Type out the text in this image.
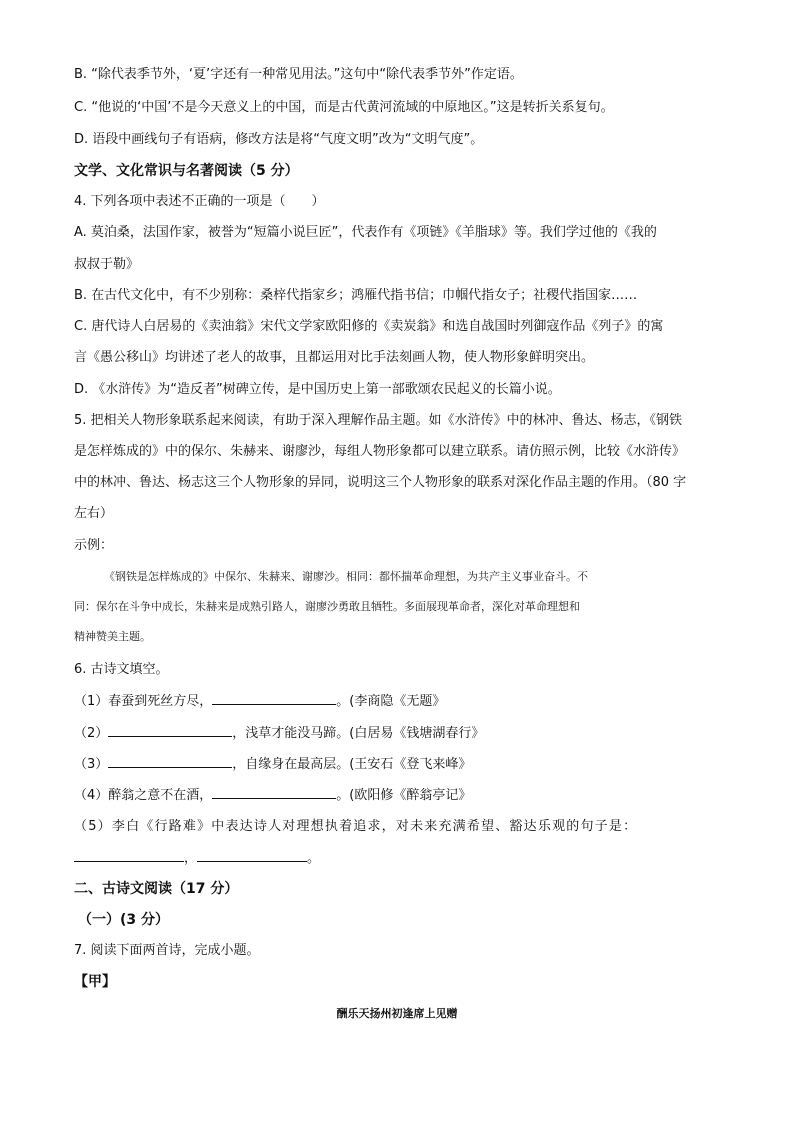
B. “除代表季节外，‘夏’字还有一种常见用法。”这句中“除代表季节外”作定语。
C. “他说的‘中国’不是今天意义上的中国，而是古代黄河流域的中原地区。”这是转折关系复句。
D. 语段中画线句子有语病，修改方法是将“气度文明”改为“文明气度”。
文学、文化常识与名著阅读（5 分）
4. 下列各项中表述不正确的一项是（　　）
A. 莫泊桑，法国作家，被誉为“短篇小说巨匠”，代表作有《项链》《羊脂球》等。我们学过他的《我的
叔叔于勒》
B. 在古代文化中，有不少别称：桑梓代指家乡；鸿雁代指书信；巾帼代指女子；社稷代指国家……
C. 唐代诗人白居易的《卖油翁》宋代文学家欧阳修的《卖炭翁》和选自战国时列御寇作品《列子》的寓
言《愚公移山》均讲述了老人的故事，且都运用对比手法刻画人物，使人物形象鲜明突出。
D. 《水浒传》为“造反者”树碑立传，是中国历史上第一部歌颂农民起义的长篇小说。
5. 把相关人物形象联系起来阅读，有助于深入理解作品主题。如《水浒传》中的林冲、鲁达、杨志，《钢铁
是怎样炼成的》中的保尔、朱赫来、谢廖沙，每组人物形象都可以建立联系。请仿照示例，比较《水浒传》
中的林冲、鲁达、杨志这三个人物形象的异同，说明这三个人物形象的联系对深化作品主题的作用。（80 字
左右）
示例：
《钢铁是怎样炼成的》中保尔、朱赫来、谢廖沙。相同：都怀揣革命理想，为共产主义事业奋斗。不
同：保尔在斗争中成长，朱赫来是成熟引路人，谢廖沙勇敢且牺牲。多面展现革命者，深化对革命理想和
精神赞美主题。
6. 古诗文填空。
（1）春蚕到死丝方尽，	。(李商隐《无题》
（2）	，浅草才能没马蹄。(白居易《钱塘湖春行》
（3）	，自缘身在最高层。(王安石《登飞来峰》
（4）醉翁之意不在酒，	。(欧阳修《醉翁亭记》
（5）李白《行路难》中表达诗人对理想执着追求，对未来充满希望、豁达乐观的句子是：
，	。
二、古诗文阅读（17 分）
（一）(3 分）
7. 阅读下面两首诗，完成小题。
【甲】
酬乐天扬州初逢席上见赠
